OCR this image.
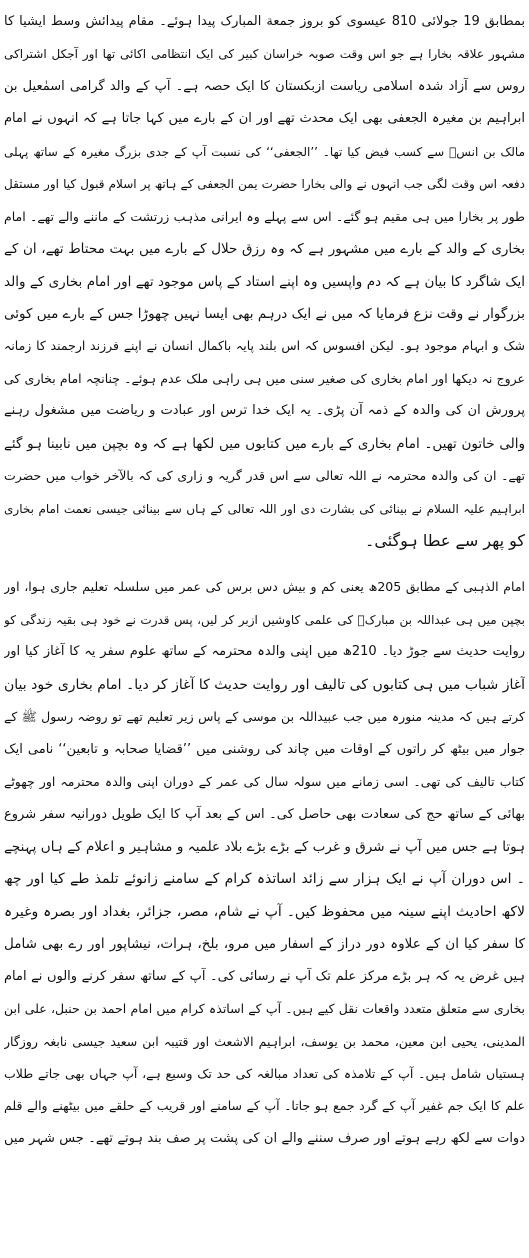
بمطابق 19 جولائی 810 عیسوی کو بروز جمعة المبارک پیدا ہوئے۔ مقام پیدائش وسط ایشیا کا
مشہور علاقہ بخارا ہے جو اس وقت صوبہ خراسان کبیر کی ایک انتظامی اکائی تھا اور آجکل اشتراکی
روس سے آزاد شدہ اسلامی ریاست ازبکستان کا ایک حصہ ہے۔ آپ کے والد گرامی اسمٰعیل بن
ابراہیم بن مغیرہ الجعفی بھی ایک محدث تھے اور ان کے بارے میں کہا جاتا ہے کہ انہوں نے امام
مالک بن انسؒ سے کسب فیض کیا تھا۔ ’’الجعفی‘‘ کی نسبت آپ کے جدی بزرگ مغیرہ کے ساتھ پہلی
دفعہ اس وقت لگی جب انہوں نے والی بخارا حضرت یمن الجعفی کے ہاتھ پر اسلام قبول کیا اور مستقل
طور پر بخارا میں ہی مقیم ہو گئے۔ اس سے پہلے وہ ایرانی مذہب زرتشت کے ماننے والے تھے۔ امام
بخاری کے والد کے بارے میں مشہور ہے کہ وہ رزق حلال کے بارے میں بہت محتاط تھے، ان کے
ایک شاگرد کا بیان ہے کہ دم واپسیں وہ اپنے استاد کے پاس موجود تھے اور امام بخاری کے والد
بزرگوار نے وقت نزع فرمایا کہ میں نے ایک درہم بھی ایسا نہیں چھوڑا جس کے بارے میں کوئی
شک و ابہام موجود ہو۔ لیکن افسوس کہ اس بلند پایہ باکمال انسان نے اپنے فرزند ارجمند کا زمانہ
عروج نہ دیکھا اور امام بخاری کی صغیر سنی میں ہی راہی ملک عدم ہوئے۔ چنانچہ امام بخاری کی
پرورش ان کی والدہ کے ذمہ آن پڑی۔ یہ ایک خدا ترس اور عبادت و ریاضت میں مشغول رہنے
والی خاتون تھیں۔ امام بخاری کے بارے میں کتابوں میں لکھا ہے کہ وہ بچپن میں نابینا ہو گئے
تھے۔ ان کی والدہ محترمہ نے اللہ تعالی سے اس قدر گریہ و زاری کی کہ بالآخر خواب میں حضرت
ابراہیم علیہ السلام نے بینائی کی بشارت دی اور اللہ تعالی کے ہاں سے بینائی جیسی نعمت امام بخاری
کو پھر سے عطا ہوگئی۔
امام الذہبی کے مطابق 205ھ یعنی کم و بیش دس برس کی عمر میں سلسلہ تعلیم جاری ہوا، اور
بچپن میں ہی عبداللہ بن مبارکؒ کی علمی کاوشیں ازبر کر لیں، پس قدرت نے خود ہی بقیہ زندگی کو
روایت حدیث سے جوڑ دیا۔ 210ھ میں اپنی والدہ محترمہ کے ساتھ علوم سفر یہ کا آغاز کیا اور
آغاز شباب میں ہی کتابوں کی تالیف اور روایت حدیث کا آغاز کر دیا۔ امام بخاری خود بیان
کرتے ہیں کہ مدینہ منورہ میں جب عبیداللہ بن موسی کے پاس زیر تعلیم تھے تو روضہ رسول ﷺ کے
جوار میں بیٹھ کر راتوں کے اوقات میں چاند کی روشنی میں ’’قضایا صحابہ و تابعین‘‘ نامی ایک
کتاب تالیف کی تھی۔ اسی زمانے میں سولہ سال کی عمر کے دوران اپنی والدہ محترمہ اور چھوٹے
بھائی کے ساتھ حج کی سعادت بھی حاصل کی۔ اس کے بعد آپ کا ایک طویل دورانیہ سفر شروع
ہوتا ہے جس میں آپ نے شرق و غرب کے بڑے بڑے بلاد علمیہ و مشاہیر و اعلام کے ہاں پہنچے
۔ اس دوران آپ نے ایک ہزار سے زائد اساتذہ کرام کے سامنے زانوئے تلمذ طے کیا اور چھ
لاکھ احادیث اپنے سینہ میں محفوظ کیں۔ آپ نے شام، مصر، جزائر، بغداد اور بصرہ وغیرہ
کا سفر کیا ان کے علاوہ دور دراز کے اسفار میں مرو، بلخ، ہرات، نیشاپور اور رے بھی شامل
ہیں غرض یہ کہ ہر بڑے مرکز علم تک آپ نے رسائی کی۔ آپ کے ساتھ سفر کرنے والوں نے امام
بخاری سے متعلق متعدد واقعات نقل کیے ہیں۔ آپ کے اساتذہ کرام میں امام احمد بن حنبل، علی ابن
المدینی، یحیی ابن معین، محمد بن یوسف، ابراہیم الاشعث اور قتیبہ ابن سعید جیسی نابغہ روزگار
ہستیاں شامل ہیں۔ آپ کے تلامذہ کی تعداد مبالغہ کی حد تک وسیع ہے، آپ جہاں بھی جاتے طلاب
علم کا ایک جم غفیر آپ کے گرد جمع ہو جاتا۔ آپ کے سامنے اور قریب کے حلقے میں بیٹھنے والے قلم
دوات سے لکھ رہے ہوتے اور صرف سننے والے ان کی پشت پر صف بند ہوتے تھے۔ جس شہر میں
